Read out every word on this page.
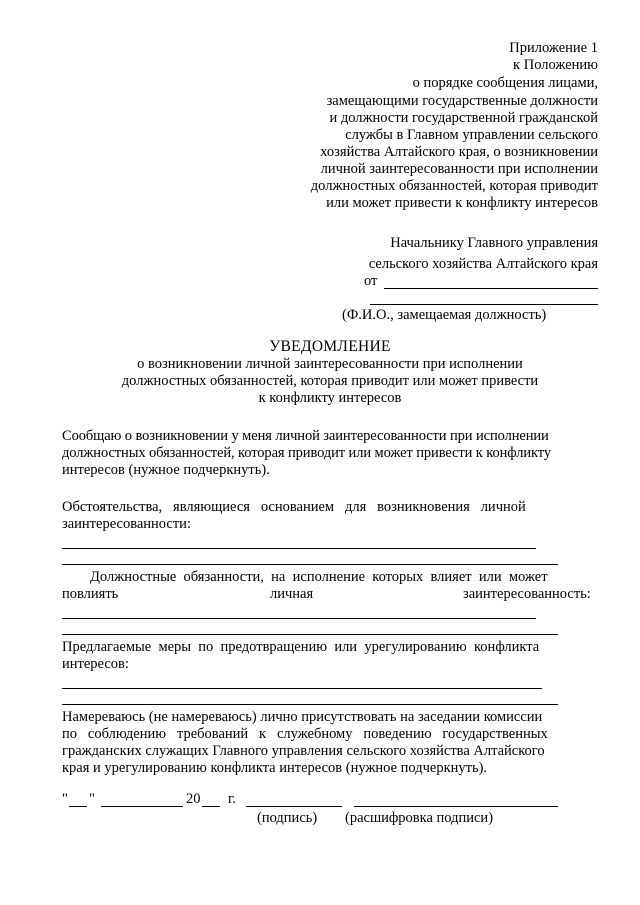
Приложение 1
к Положению
о порядке сообщения лицами,
замещающими государственные должности
и должности государственной гражданской
службы в Главном управлении сельского
хозяйства Алтайского края, о возникновении
личной заинтересованности при исполнении
должностных обязанностей, которая приводит
или может привести к конфликту интересов
Начальнику Главного управления
сельского хозяйства Алтайского края
от
(Ф.И.О., замещаемая должность)
УВЕДОМЛЕНИЕ
о возникновении личной заинтересованности при исполнении
должностных обязанностей, которая приводит или может привести
к конфликту интересов
Сообщаю о возникновении у меня личной заинтересованности при исполнении
должностных обязанностей, которая приводит или может привести к конфликту
интересов (нужное подчеркнуть).
Обстоятельства,   являющиеся   основанием   для   возникновения   личной
заинтересованности:
Должностные  обязанности,  на  исполнение  которых  влияет  или  может
повлиять	личная	заинтересованность:
Предлагаемые  меры  по  предотвращению  или  урегулированию  конфликта
интересов:
Намереваюсь (не намереваюсь) лично присутствовать на заседании комиссии
по   соблюдению   требований   к   служебному   поведению   государственных
гражданских служащих Главного управления сельского хозяйства Алтайского
края и урегулированию конфликта интересов (нужное подчеркнуть).
" "	20 г.
(подпись) (расшифровка подписи)
